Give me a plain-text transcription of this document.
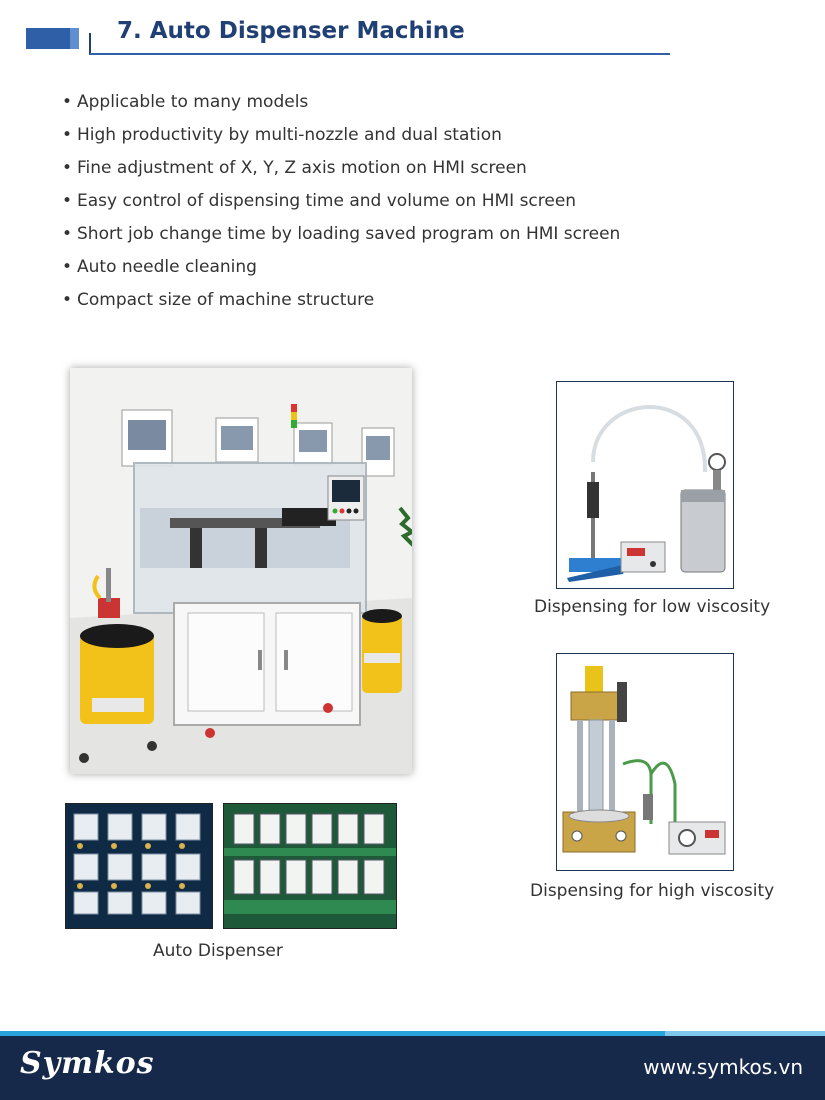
7. Auto Dispenser Machine
• Applicable to many models
• High productivity by multi-nozzle and dual station
• Fine adjustment of X, Y, Z axis motion on HMI screen
• Easy control of dispensing time and volume on HMI screen
• Short job change time by loading saved program on HMI screen
• Auto needle cleaning
• Compact size of machine structure
Dispensing for low viscosity
Dispensing for high viscosity
Auto Dispenser
Symkos	www.symkos.vn
